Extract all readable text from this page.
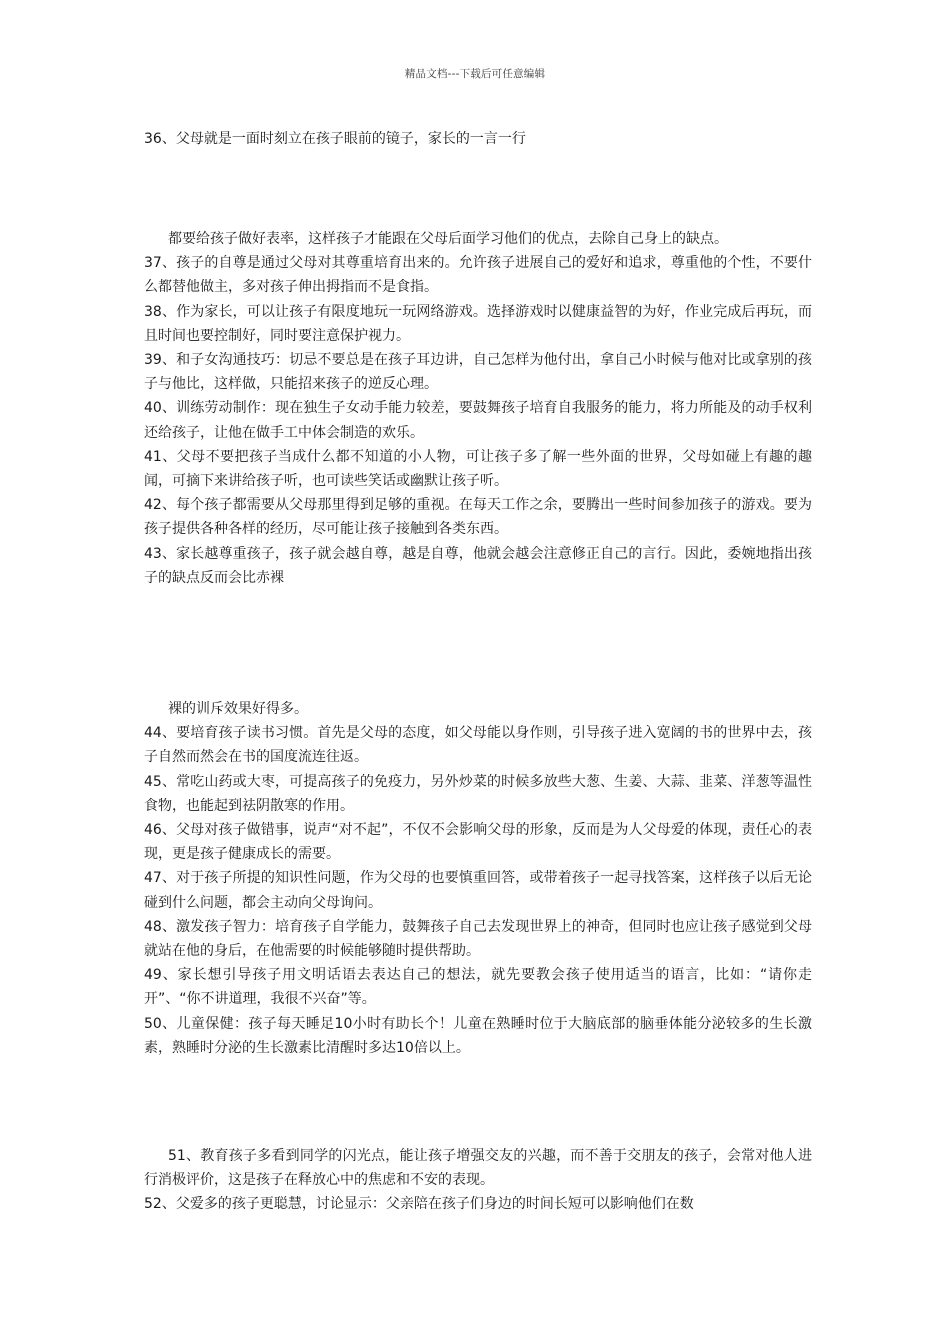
精品文档---下载后可任意编辑

36、父母就是一面时刻立在孩子眼前的镜子，家长的一言一行

都要给孩子做好表率，这样孩子才能跟在父母后面学习他们的优点，去除自己身上的缺点。

37、孩子的自尊是通过父母对其尊重培育出来的。允许孩子进展自己的爱好和追求，尊重他的个性，不要什么都替他做主，多对孩子伸出拇指而不是食指。

38、作为家长，可以让孩子有限度地玩一玩网络游戏。选择游戏时以健康益智的为好，作业完成后再玩，而且时间也要控制好，同时要注意保护视力。

39、和子女沟通技巧：切忌不要总是在孩子耳边讲，自己怎样为他付出，拿自己小时候与他对比或拿别的孩子与他比，这样做，只能招来孩子的逆反心理。

40、训练劳动制作：现在独生子女动手能力较差，要鼓舞孩子培育自我服务的能力，将力所能及的动手权利还给孩子，让他在做手工中体会制造的欢乐。

41、父母不要把孩子当成什么都不知道的小人物，可让孩子多了解一些外面的世界，父母如碰上有趣的趣闻，可摘下来讲给孩子听，也可读些笑话或幽默让孩子听。

42、每个孩子都需要从父母那里得到足够的重视。在每天工作之余，要腾出一些时间参加孩子的游戏。要为孩子提供各种各样的经历，尽可能让孩子接触到各类东西。

43、家长越尊重孩子，孩子就会越自尊，越是自尊，他就会越会注意修正自己的言行。因此，委婉地指出孩子的缺点反而会比赤裸

裸的训斥效果好得多。

44、要培育孩子读书习惯。首先是父母的态度，如父母能以身作则，引导孩子进入宽阔的书的世界中去，孩子自然而然会在书的国度流连往返。

45、常吃山药或大枣，可提高孩子的免疫力，另外炒菜的时候多放些大葱、生姜、大蒜、韭菜、洋葱等温性食物，也能起到祛阴散寒的作用。

46、父母对孩子做错事，说声“对不起”，不仅不会影响父母的形象，反而是为人父母爱的体现，责任心的表现，更是孩子健康成长的需要。

47、对于孩子所提的知识性问题，作为父母的也要慎重回答，或带着孩子一起寻找答案，这样孩子以后无论碰到什么问题，都会主动向父母询问。

48、激发孩子智力：培育孩子自学能力，鼓舞孩子自己去发现世界上的神奇，但同时也应让孩子感觉到父母就站在他的身后，在他需要的时候能够随时提供帮助。

49、家长想引导孩子用文明话语去表达自己的想法，就先要教会孩子使用适当的语言，比如：“请你走开”、“你不讲道理，我很不兴奋”等。

50、儿童保健：孩子每天睡足10小时有助长个！儿童在熟睡时位于大脑底部的脑垂体能分泌较多的生长激素，熟睡时分泌的生长激素比清醒时多达10倍以上。

51、教育孩子多看到同学的闪光点，能让孩子增强交友的兴趣，而不善于交朋友的孩子，会常对他人进行消极评价，这是孩子在释放心中的焦虑和不安的表现。

52、父爱多的孩子更聪慧，讨论显示：父亲陪在孩子们身边的时间长短可以影响他们在数
